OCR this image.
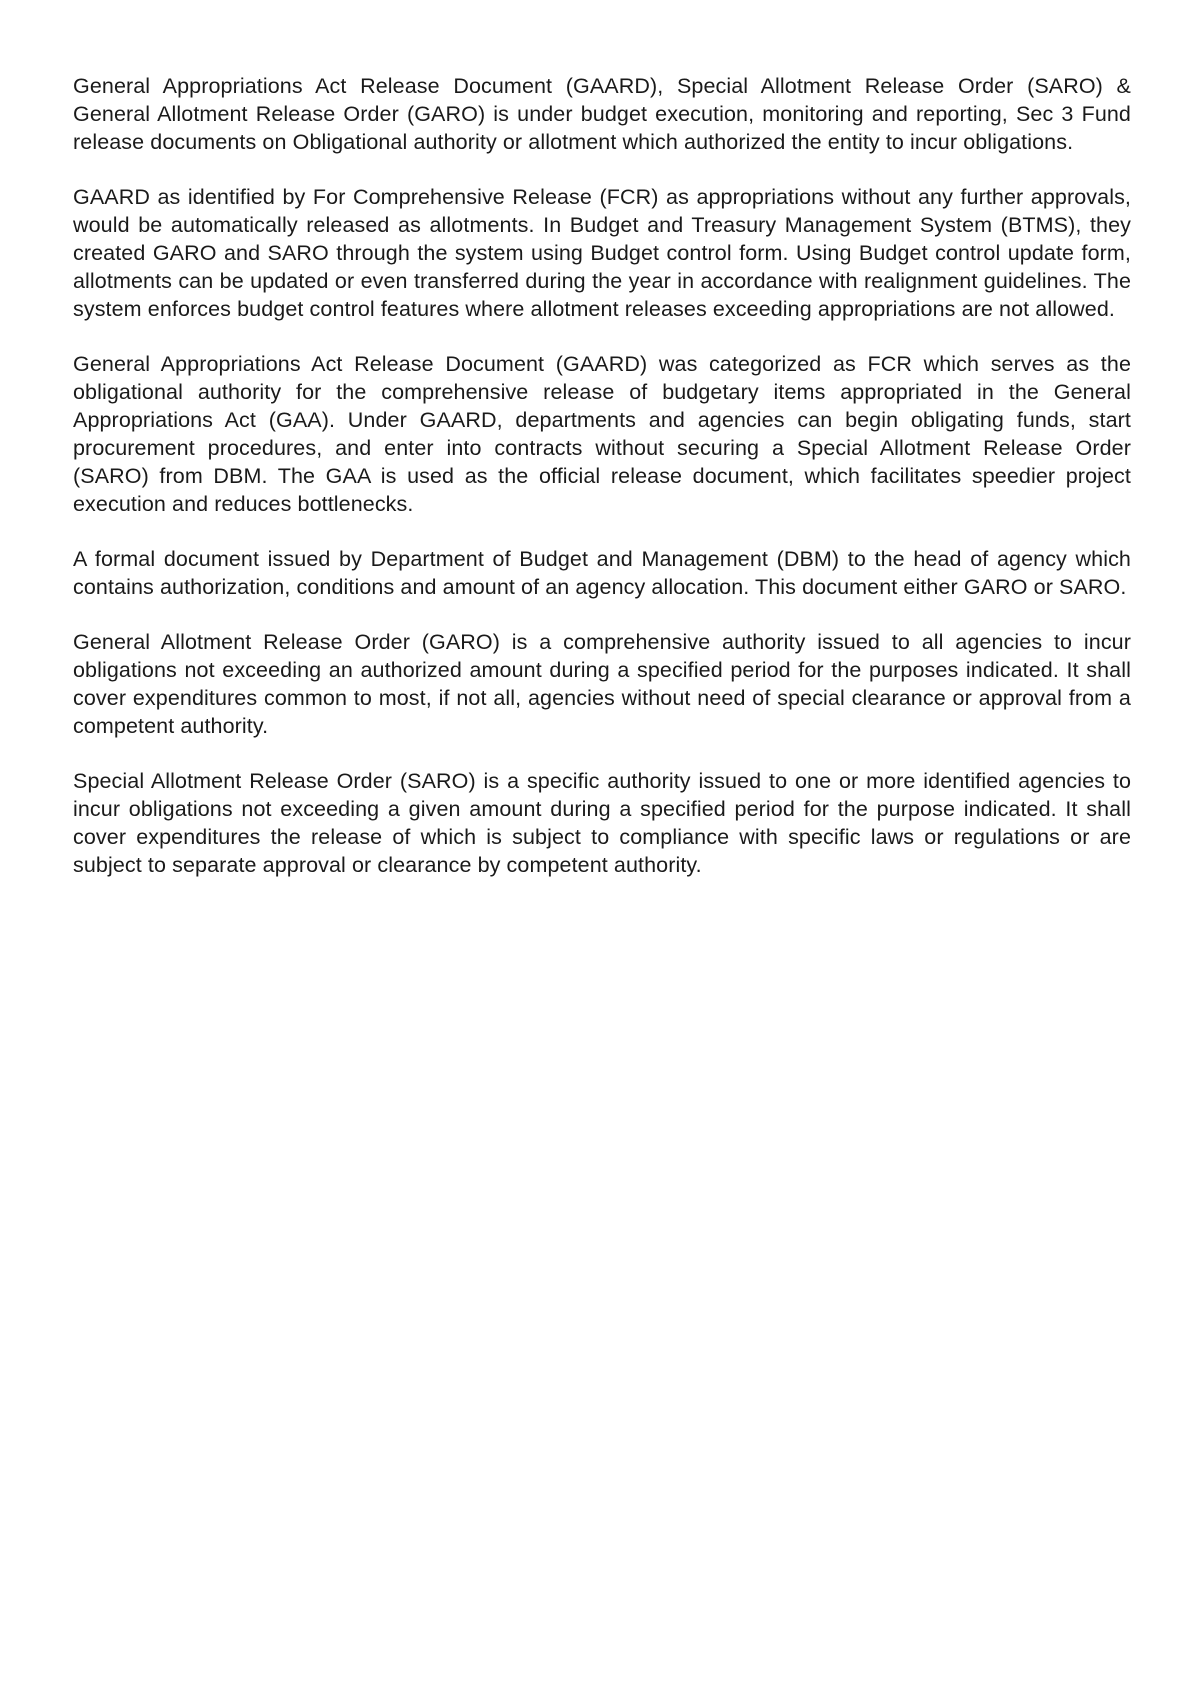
General Appropriations Act Release Document (GAARD), Special Allotment Release Order (SARO) & General Allotment Release Order (GARO) is under budget execution, monitoring and reporting, Sec 3 Fund release documents on Obligational authority or allotment which authorized the entity to incur obligations.

GAARD as identified by For Comprehensive Release (FCR) as appropriations without any further approvals, would be automatically released as allotments. In Budget and Treasury Management System (BTMS), they created GARO and SARO through the system using Budget control form. Using Budget control update form, allotments can be updated or even transferred during the year in accordance with realignment guidelines. The system enforces budget control features where allotment releases exceeding appropriations are not allowed.

General Appropriations Act Release Document (GAARD) was categorized as FCR which serves as the obligational authority for the comprehensive release of budgetary items appropriated in the General Appropriations Act (GAA). Under GAARD, departments and agencies can begin obligating funds, start procurement procedures, and enter into contracts without securing a Special Allotment Release Order (SARO) from DBM. The GAA is used as the official release document, which facilitates speedier project execution and reduces bottlenecks.

A formal document issued by Department of Budget and Management (DBM) to the head of agency which contains authorization, conditions and amount of an agency allocation. This document either GARO or SARO.

General Allotment Release Order (GARO) is a comprehensive authority issued to all agencies to incur obligations not exceeding an authorized amount during a specified period for the purposes indicated. It shall cover expenditures common to most, if not all, agencies without need of special clearance or approval from a competent authority.

Special Allotment Release Order (SARO) is a specific authority issued to one or more identified agencies to incur obligations not exceeding a given amount during a specified period for the purpose indicated. It shall cover expenditures the release of which is subject to compliance with specific laws or regulations or are subject to separate approval or clearance by competent authority.
